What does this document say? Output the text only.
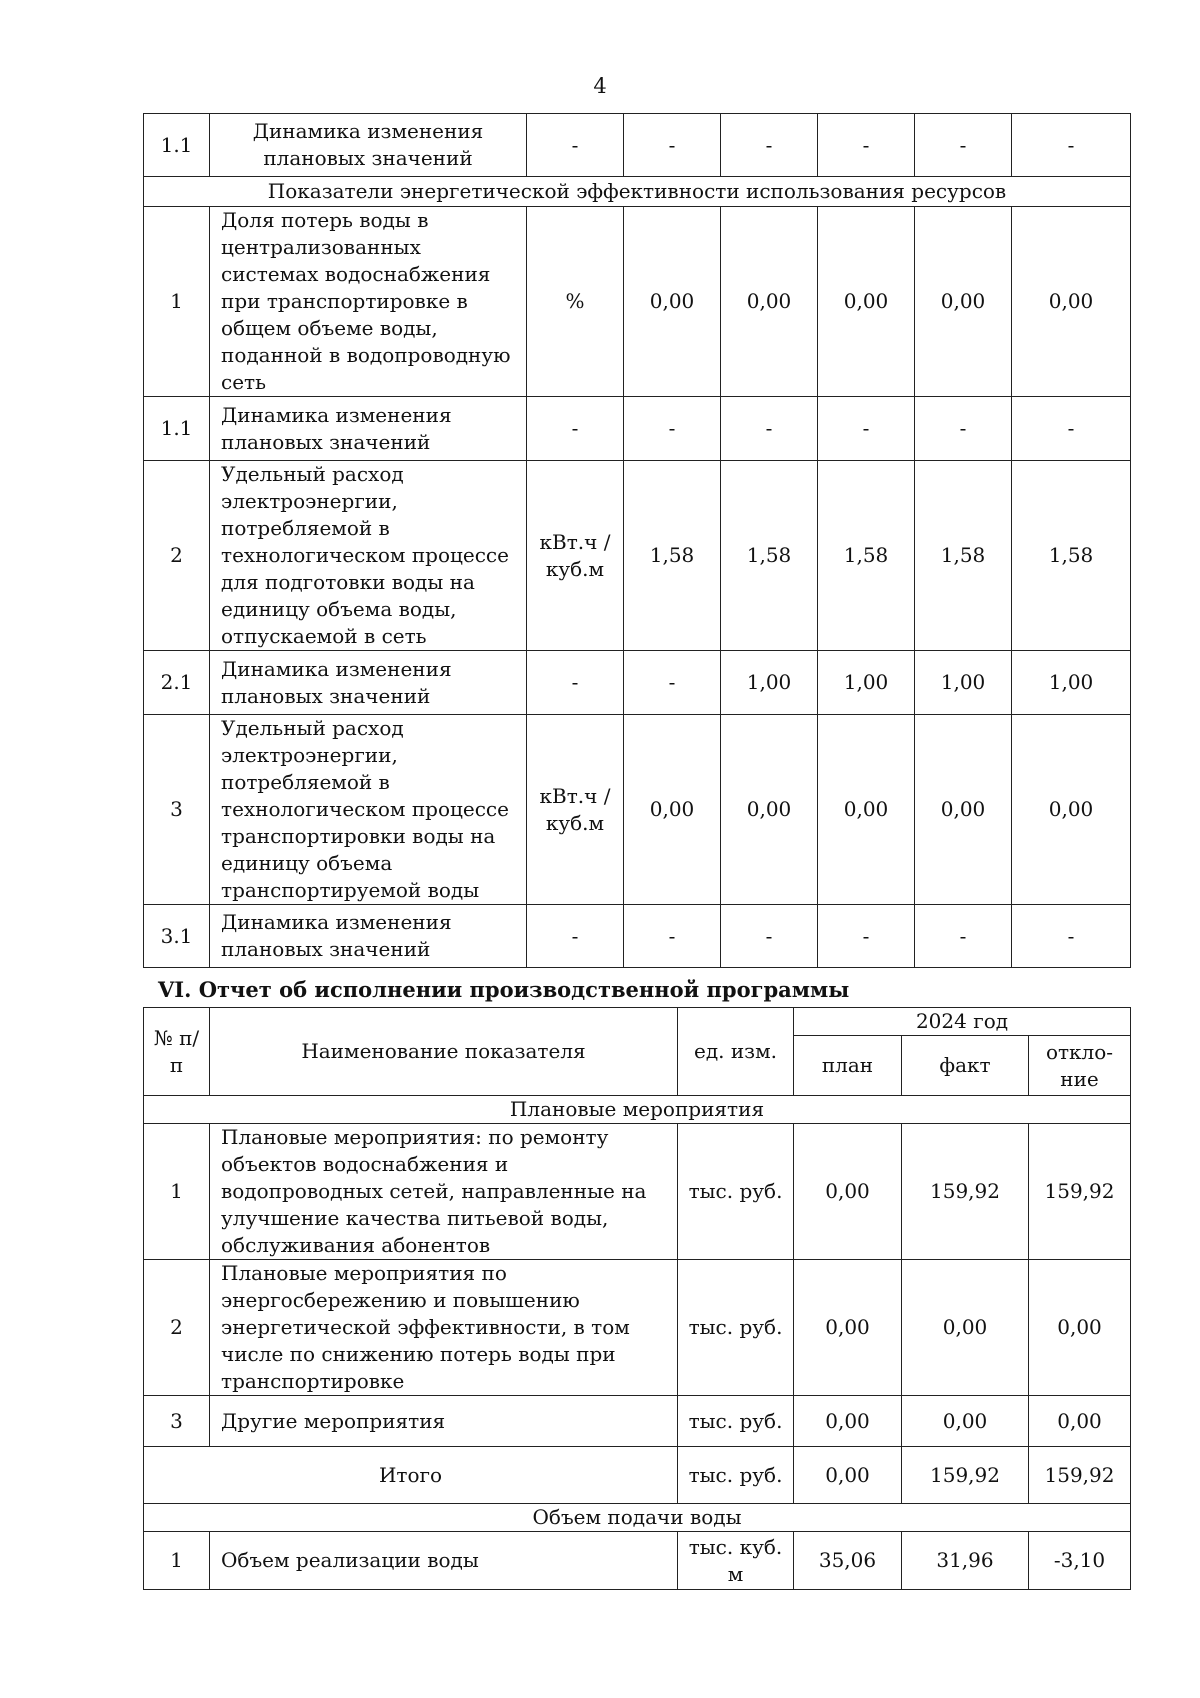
4
1.1	Динамика изменения плановых значений	-	-	-	-	-	-
Показатели энергетической эффективности использования ресурсов							
1	Доля потерь воды в централизованных системах водоснабжения при транспортировке в общем объеме воды, поданной в водопроводную сеть	%	0,00	0,00	0,00	0,00	0,00
1.1	Динамика изменения плановых значений	-	-	-	-	-	-
2	Удельный расход электроэнергии, потребляемой в технологическом процессе для подготовки воды на единицу объема воды, отпускаемой в сеть	кВт.ч / куб.м	1,58	1,58	1,58	1,58	1,58
2.1	Динамика изменения плановых значений	-	-	1,00	1,00	1,00	1,00
3	Удельный расход электроэнергии, потребляемой в технологическом процессе транспортировки воды на единицу объема транспортируемой воды	кВт.ч / куб.м	0,00	0,00	0,00	0,00	0,00
3.1	Динамика изменения плановых значений	-	-	-	-	-	-
VI. Отчет об исполнении производственной программы
№ п/п	Наименование показателя	ед. изм.	2024 год		
			план	факт	откло-ние
Плановые мероприятия					
1	Плановые мероприятия: по ремонту объектов водоснабжения и водопроводных сетей, направленные на улучшение качества питьевой воды, обслуживания абонентов	тыс. руб.	0,00	159,92	159,92
2	Плановые мероприятия по энергосбережению и повышению энергетической эффективности, в том числе по снижению потерь воды при транспортировке	тыс. руб.	0,00	0,00	0,00
3	Другие мероприятия	тыс. руб.	0,00	0,00	0,00
Итого		тыс. руб.	0,00	159,92	159,92
Объем подачи воды					
1	Объем реализации воды	тыс. куб. м	35,06	31,96	-3,10
